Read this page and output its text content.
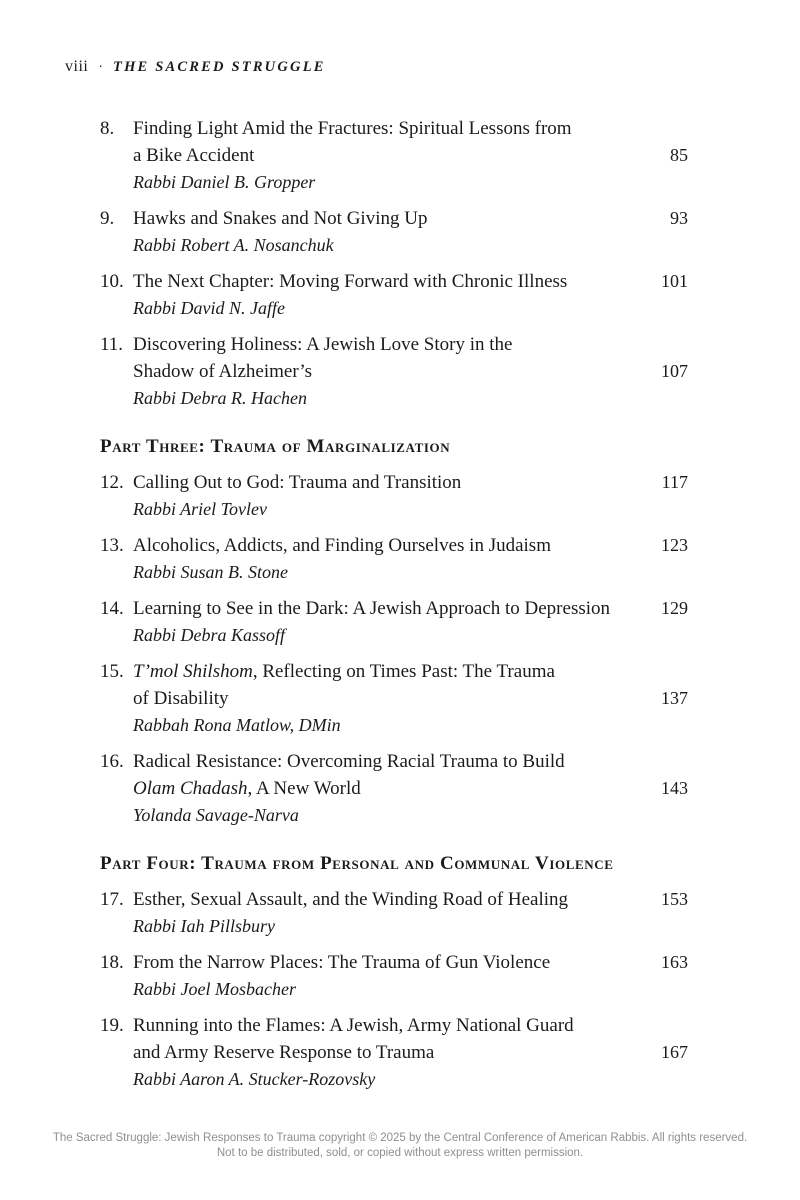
viii · THE SACRED STRUGGLE
8. Finding Light Amid the Fractures: Spiritual Lessons from
a Bike Accident	85
Rabbi Daniel B. Gropper
9. Hawks and Snakes and Not Giving Up	93
Rabbi Robert A. Nosanchuk
10. The Next Chapter: Moving Forward with Chronic Illness	101
Rabbi David N. Jaffe
11. Discovering Holiness: A Jewish Love Story in the
Shadow of Alzheimer’s	107
Rabbi Debra R. Hachen
Part Three: Trauma of Marginalization
12. Calling Out to God: Trauma and Transition	117
Rabbi Ariel Tovlev
13. Alcoholics, Addicts, and Finding Ourselves in Judaism	123
Rabbi Susan B. Stone
14. Learning to See in the Dark: A Jewish Approach to Depression	129
Rabbi Debra Kassoff
15. T’mol Shilshom, Reflecting on Times Past: The Trauma
of Disability	137
Rabbah Rona Matlow, DMin
16. Radical Resistance: Overcoming Racial Trauma to Build
Olam Chadash, A New World	143
Yolanda Savage-Narva
Part Four: Trauma from Personal and Communal Violence
17. Esther, Sexual Assault, and the Winding Road of Healing	153
Rabbi Iah Pillsbury
18. From the Narrow Places: The Trauma of Gun Violence	163
Rabbi Joel Mosbacher
19. Running into the Flames: A Jewish, Army National Guard
and Army Reserve Response to Trauma	167
Rabbi Aaron A. Stucker-Rozovsky
The Sacred Struggle: Jewish Responses to Trauma copyright © 2025 by the Central Conference of American Rabbis. All rights reserved.
Not to be distributed, sold, or copied without express written permission.
